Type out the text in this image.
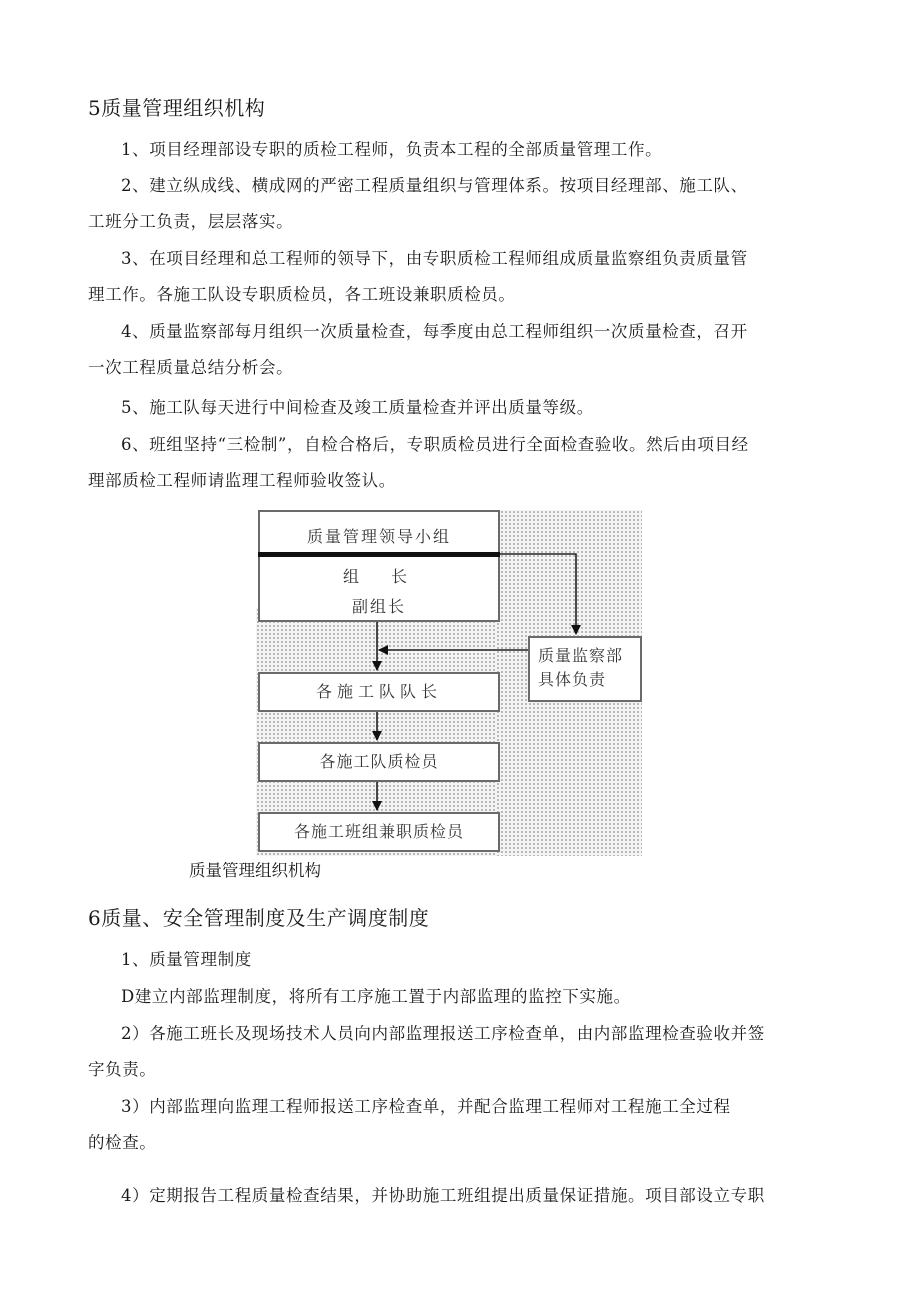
5质量管理组织机构
1、项目经理部设专职的质检工程师，负责本工程的全部质量管理工作。
2、建立纵成线、横成网的严密工程质量组织与管理体系。按项目经理部、施工队、
工班分工负责，层层落实。
3、在项目经理和总工程师的领导下，由专职质检工程师组成质量监察组负责质量管
理工作。各施工队设专职质检员，各工班设兼职质检员。
4、质量监察部每月组织一次质量检查，每季度由总工程师组织一次质量检查，召开
一次工程质量总结分析会。
5、施工队每天进行中间检查及竣工质量检查并评出质量等级。
6、班组坚持“三检制”，自检合格后，专职质检员进行全面检查验收。然后由项目经
理部质检工程师请监理工程师验收签认。
质量管理领导小组
组　长
副组长
质量监察部
具体负责
各施工队队长
各施工队质检员
各施工班组兼职质检员
质量管理组织机构
6质量、安全管理制度及生产调度制度
1、质量管理制度
D建立内部监理制度，将所有工序施工置于内部监理的监控下实施。
2）各施工班长及现场技术人员向内部监理报送工序检查单，由内部监理检查验收并签
字负责。
3）内部监理向监理工程师报送工序检查单，并配合监理工程师对工程施工全过程
的检查。
4）定期报告工程质量检查结果，并协助施工班组提出质量保证措施。项目部设立专职
